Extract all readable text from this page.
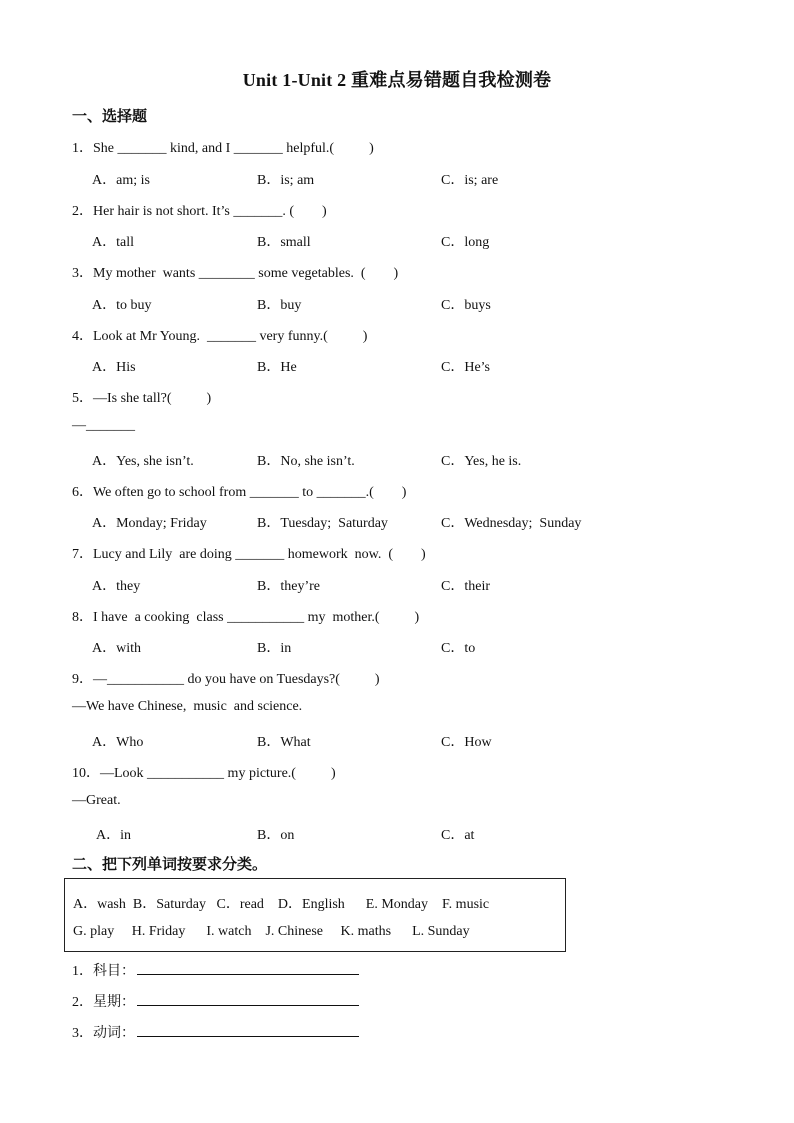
Unit 1-Unit 2 重难点易错题自我检测卷
一、选择题
1．She _______ kind, and I _______ helpful.(          )
A．am; is	B．is; am	C．is; are
2．Her hair is not short. It’s _______. (        )
A．tall	B．small	C．long
3．My mother  wants ________ some vegetables.  (        )
A．to buy	B．buy	C．buys
4．Look at Mr Young.  _______ very funny.(          )
A．His	B．He	C．He’s
5．—Is she tall?(          )
—_______
A．Yes, she isn’t.	B．No, she isn’t.	C．Yes, he is.
6．We often go to school from _______ to _______.(        )
A．Monday; Friday	B．Tuesday;  Saturday	C．Wednesday;  Sunday
7．Lucy and Lily  are doing _______ homework  now.  (        )
A．they	B．they’re	C．their
8．I have  a cooking  class ___________ my  mother.(          )
A．with	B．in	C．to
9．—___________ do you have on Tuesdays?(          )
—We have Chinese,  music  and science.
A．Who	B．What	C．How
10．—Look ___________ my picture.(          )
—Great.
A．in	B．on	C．at
二、把下列单词按要求分类。
A．wash  B．Saturday   C．read    D．English      E. Monday    F. music
G. play     H. Friday      I. watch    J. Chinese     K. maths      L. Sunday
1．科目：
2．星期：
3．动词：
